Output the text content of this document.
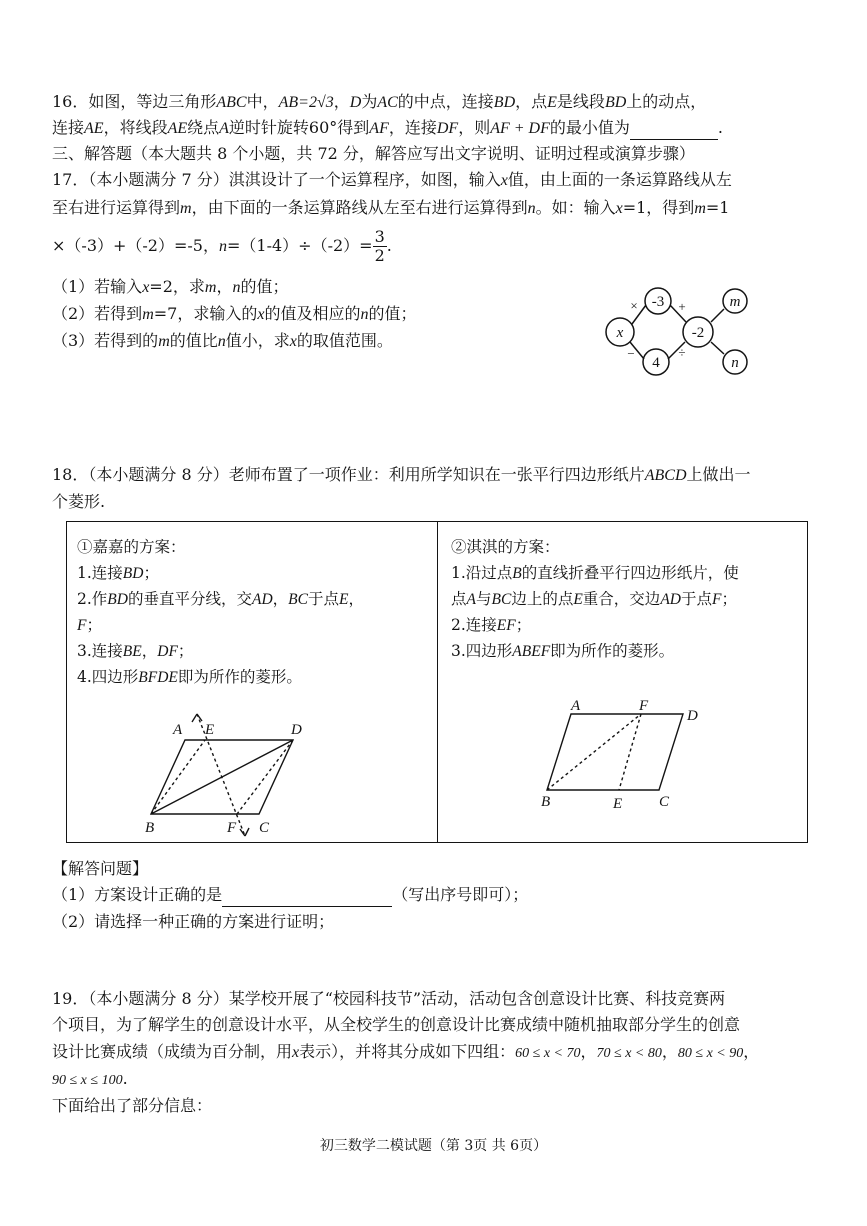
16．如图，等边三角形ABC中，AB=2√3，D为AC的中点，连接BD，点E是线段BD上的动点，
连接AE，将线段AE绕点A逆时针旋转60°得到AF，连接DF，则AF + DF的最小值为	.
三、解答题（本大题共 8 个小题，共 72 分，解答应写出文字说明、证明过程或演算步骤）
17．（本小题满分 7 分）淇淇设计了一个运算程序，如图，输入x值，由上面的一条运算路线从左
至右进行运算得到m，由下面的一条运算路线从左至右进行运算得到n。如：输入x=1，得到m=1
×（-3）+（-2）=-5，$n=(1-4)\div(-2)= \frac{3}{2}$ .
（1）若输入x=2，求m，n的值；
（2）若得到m=7，求输入的x的值及相应的n的值；
（3）若得到的m的值比n值小，求x的取值范围。	x
-3
4
-2
m
n
×	+
−	÷
18．（本小题满分 8 分）老师布置了一项作业：利用所学知识在一张平行四边形纸片ABCD上做出一
个菱形.
①嘉嘉的方案：
1.连接BD；
2.作BD的垂直平分线，交AD，BC于点E，
F；
3.连接BE，DF；
4.四边形BFDE即为所作的菱形。
A E	D
B	F C
②淇淇的方案：
1.沿过点B的直线折叠平行四边形纸片，使
点A与BC边上的点E重合，交边AD于点F；
2.连接EF；
3.四边形ABEF即为所作的菱形。
A	F
D
B	E C
【解答问题】
（1）方案设计正确的是	（写出序号即可）；
（2）请选择一种正确的方案进行证明；
19．（本小题满分 8 分）某学校开展了“校园科技节”活动，活动包含创意设计比赛、科技竞赛两
个项目，为了解学生的创意设计水平，从全校学生的创意设计比赛成绩中随机抽取部分学生的创意
设计比赛成绩（成绩为百分制，用x表示），并将其分成如下四组：60 ≤ x < 70，70 ≤ x < 80，80 ≤ x < 90，
90 ≤ x ≤ 100.
下面给出了部分信息：
初三数学二模试题（第 3页 共 6页）
